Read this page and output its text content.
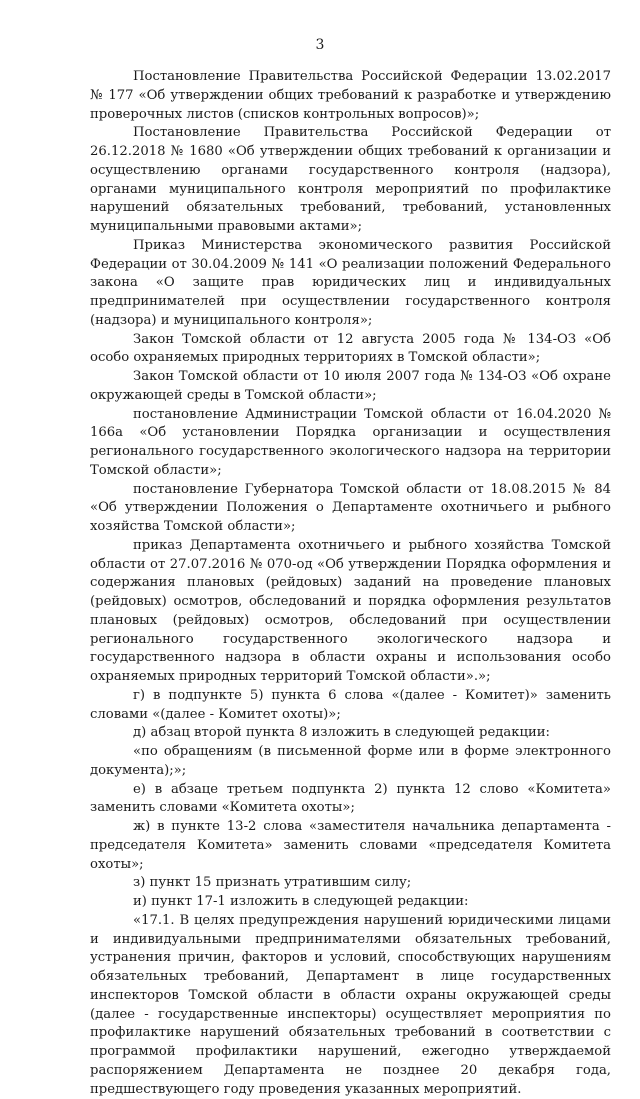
3

Постановление Правительства Российской Федерации 13.02.2017 № 177 «Об утверждении общих требований к разработке и утверждению проверочных листов (списков контрольных вопросов)»;

Постановление Правительства Российской Федерации от 26.12.2018 № 1680 «Об утверждении общих требований к организации и осуществлению органами государственного контроля (надзора), органами муниципального контроля мероприятий по профилактике нарушений обязательных требований, требований, установленных муниципальными правовыми актами»;

Приказ Министерства экономического развития Российской Федерации от 30.04.2009 № 141 «О реализации положений Федерального закона «О защите прав юридических лиц и индивидуальных предпринимателей при осуществлении государственного контроля (надзора) и муниципального контроля»;

Закон Томской области от 12 августа 2005 года № 134-ОЗ «Об особо охраняемых природных территориях в Томской области»;

Закон Томской области от 10 июля 2007 года № 134-ОЗ «Об охране окружающей среды в Томской области»;

постановление Администрации Томской области от 16.04.2020 № 166а «Об установлении Порядка организации и осуществления регионального государственного экологического надзора на территории Томской области»;

постановление Губернатора Томской области от 18.08.2015 № 84 «Об утверждении Положения о Департаменте охотничьего и рыбного хозяйства Томской области»;

приказ Департамента охотничьего и рыбного хозяйства Томской области от 27.07.2016 № 070-од «Об утверждении Порядка оформления и содержания плановых (рейдовых) заданий на проведение плановых (рейдовых) осмотров, обследований и порядка оформления результатов плановых (рейдовых) осмотров, обследований при осуществлении регионального государственного экологического надзора и государственного надзора в области охраны и использования особо охраняемых природных территорий Томской области».»;

г) в подпункте 5) пункта 6 слова «(далее - Комитет)» заменить словами «(далее - Комитет охоты)»;

д) абзац второй пункта 8 изложить в следующей редакции:

«по обращениям (в письменной форме или в форме электронного документа);»;

е) в абзаце третьем подпункта 2) пункта 12 слово «Комитета» заменить словами «Комитета охоты»;

ж) в пункте 13-2 слова «заместителя начальника департамента - председателя Комитета» заменить словами «председателя Комитета охоты»;

з) пункт 15 признать утратившим силу;

и) пункт 17-1 изложить в следующей редакции:

«17.1. В целях предупреждения нарушений юридическими лицами и индивидуальными предпринимателями обязательных требований, устранения причин, факторов и условий, способствующих нарушениям обязательных требований, Департамент в лице государственных инспекторов Томской области в области охраны окружающей среды (далее - государственные инспекторы) осуществляет мероприятия по профилактике нарушений обязательных требований в соответствии с программой профилактики нарушений, ежегодно утверждаемой распоряжением Департамента не позднее 20 декабря года, предшествующего году проведения указанных мероприятий.
